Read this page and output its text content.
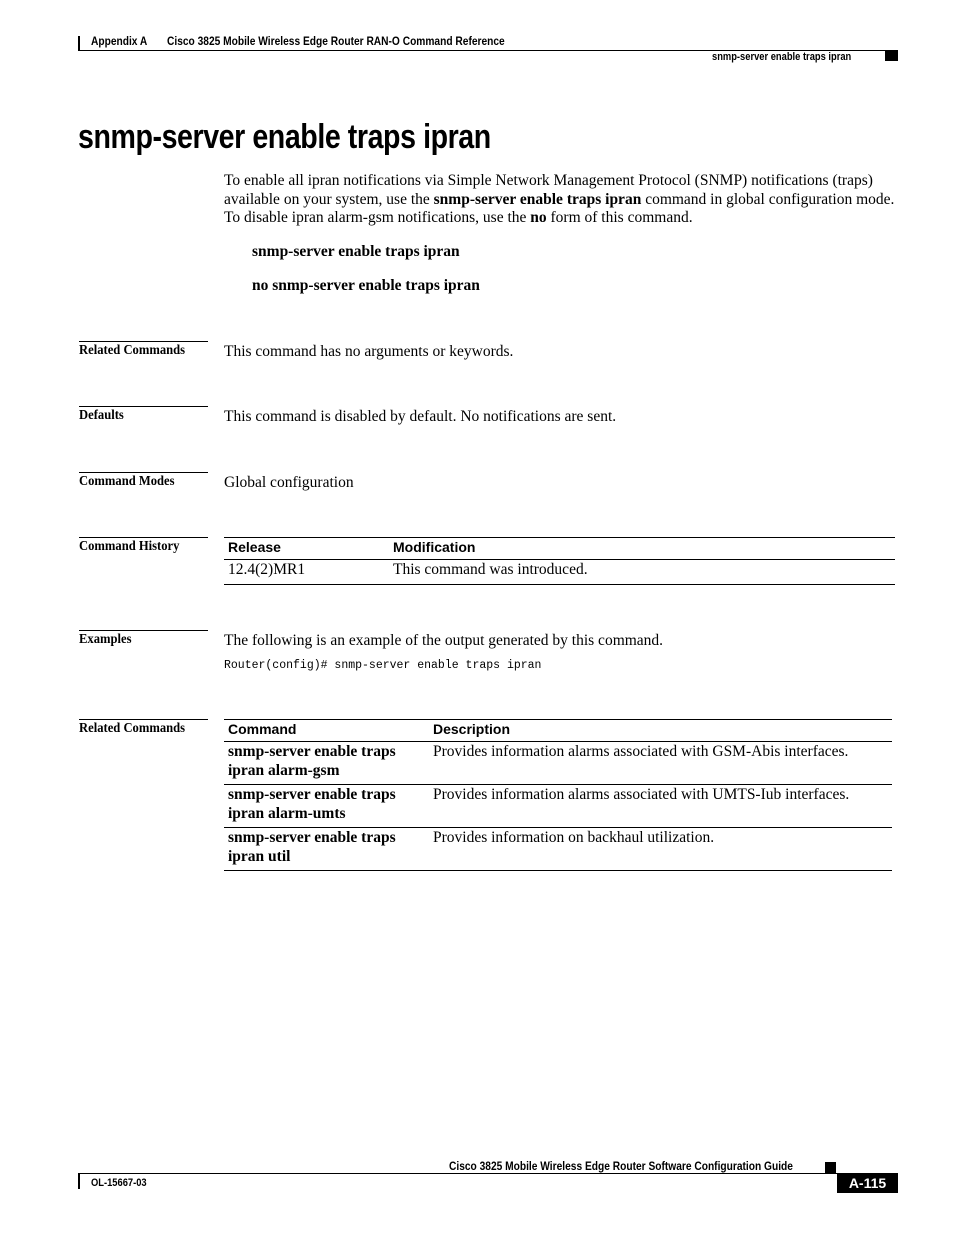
Appendix A Cisco 3825 Mobile Wireless Edge Router RAN-O Command Reference
snmp-server enable traps ipran
snmp-server enable traps ipran
To enable all ipran notifications via Simple Network Management Protocol (SNMP) notifications (traps) available on your system, use the snmp-server enable traps ipran command in global configuration mode. To disable ipran alarm-gsm notifications, use the no form of this command.
snmp-server enable traps ipran
no snmp-server enable traps ipran
Related Commands	This command has no arguments or keywords.
Defaults	This command is disabled by default. No notifications are sent.
Command Modes	Global configuration
Command History	Release	Modification
12.4(2)MR1	This command was introduced.
Examples	The following is an example of the output generated by this command.
Router(config)# snmp-server enable traps ipran
Related Commands	Command	Description
snmp-server enable traps ipran alarm-gsm	Provides information alarms associated with GSM-Abis interfaces.
snmp-server enable traps ipran alarm-umts	Provides information alarms associated with UMTS-Iub interfaces.
snmp-server enable traps ipran util	Provides information on backhaul utilization.
Cisco 3825 Mobile Wireless Edge Router Software Configuration Guide
OL-15667-03	A-115
